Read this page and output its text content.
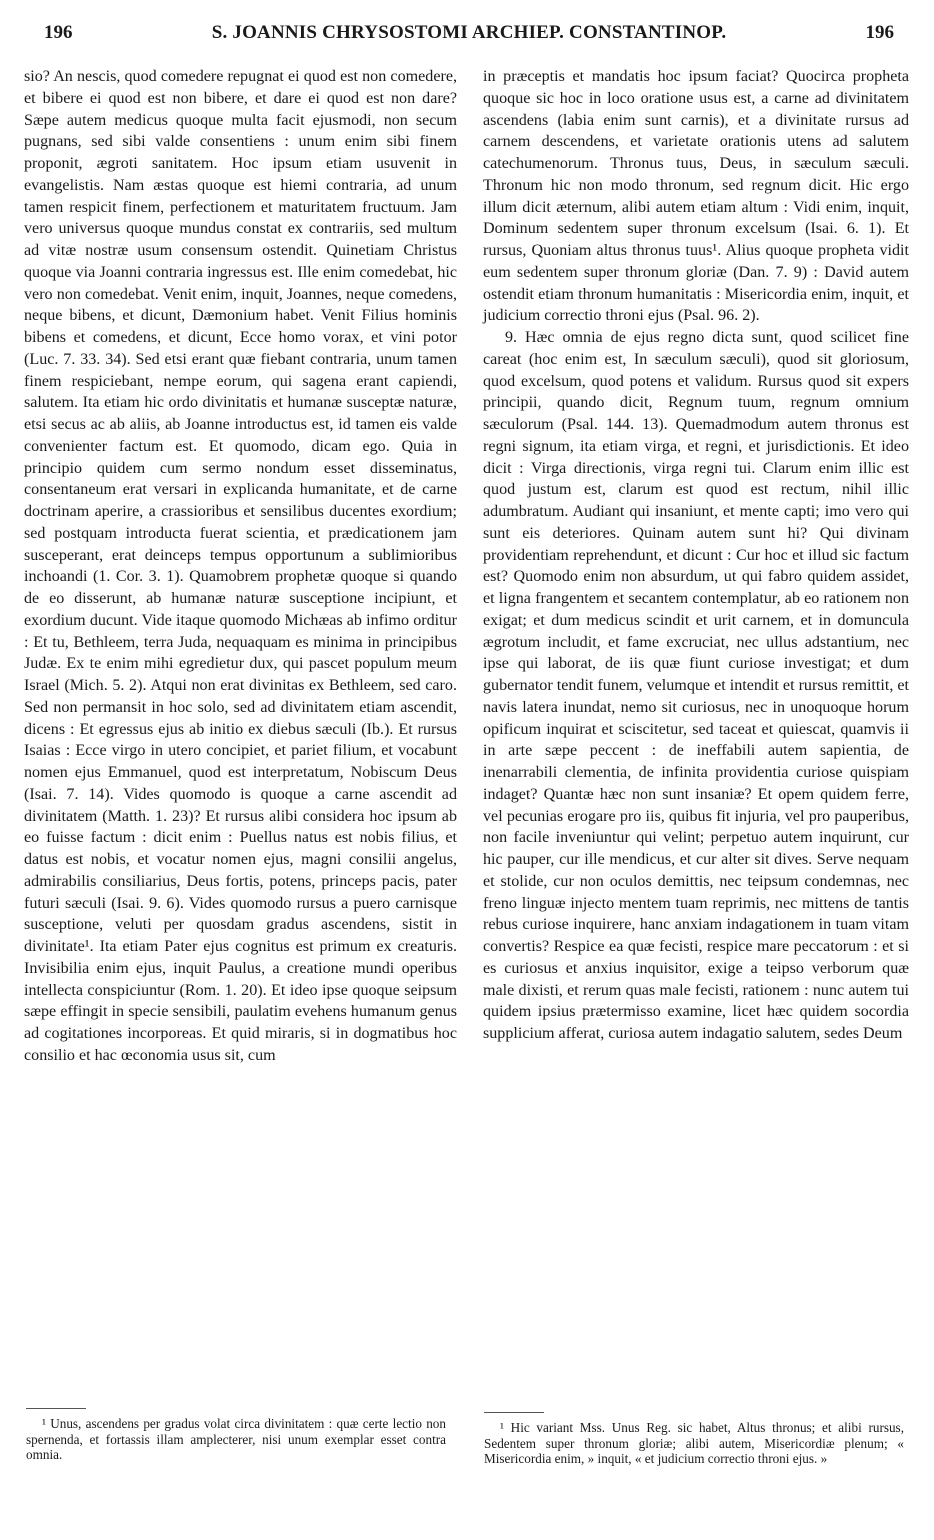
196	S. JOANNIS CHRYSOSTOMI ARCHIEP. CONSTANTINOP.	196

sio? An nescis, quod comedere repugnat ei quod est non comedere, et bibere ei quod est non bibere, et dare ei quod est non dare? Sæpe autem medicus quoque multa facit ejusmodi, non secum pugnans, sed sibi valde consentiens : unum enim sibi finem proponit, ægroti sanitatem. Hoc ipsum etiam usuvenit in evangelistis. Nam æstas quoque est hiemi contraria, ad unum tamen respicit finem, perfectionem et maturitatem fructuum. Jam vero universus quoque mundus constat ex contrariis, sed multum ad vitæ nostræ usum consensum ostendit. Quinetiam Christus quoque via Joanni contraria ingressus est. Ille enim comedebat, hic vero non comedebat. Venit enim, inquit, Joannes, neque comedens, neque bibens, et dicunt, Dæmonium habet. Venit Filius hominis bibens et comedens, et dicunt, Ecce homo vorax, et vini potor (Luc. 7. 33. 34). Sed etsi erant quæ fiebant contraria, unum tamen finem respiciebant, nempe eorum, qui sagena erant capiendi, salutem. Ita etiam hic ordo divinitatis et humanæ susceptæ naturæ, etsi secus ac ab aliis, ab Joanne introductus est, id tamen eis valde convenienter factum est. Et quomodo, dicam ego. Quia in principio quidem cum sermo nondum esset disseminatus, consentaneum erat versari in explicanda humanitate, et de carne doctrinam aperire, a crassioribus et sensilibus ducentes exordium; sed postquam introducta fuerat scientia, et prædicationem jam susceperant, erat deinceps tempus opportunum a sublimioribus inchoandi (1. Cor. 3. 1). Quamobrem prophetæ quoque si quando de eo disserunt, ab humanæ naturæ susceptione incipiunt, et exordium ducunt. Vide itaque quomodo Michæas ab infimo orditur : Et tu, Bethleem, terra Juda, nequaquam es minima in principibus Judæ. Ex te enim mihi egredietur dux, qui pascet populum meum Israel (Mich. 5. 2). Atqui non erat divinitas ex Bethleem, sed caro. Sed non permansit in hoc solo, sed ad divinitatem etiam ascendit, dicens : Et egressus ejus ab initio ex diebus sæculi (Ib.). Et rursus Isaias : Ecce virgo in utero concipiet, et pariet filium, et vocabunt nomen ejus Emmanuel, quod est interpretatum, Nobiscum Deus (Isai. 7. 14). Vides quomodo is quoque a carne ascendit ad divinitatem (Matth. 1. 23)? Et rursus alibi considera hoc ipsum ab eo fuisse factum : dicit enim : Puellus natus est nobis filius, et datus est nobis, et vocatur nomen ejus, magni consilii angelus, admirabilis consiliarius, Deus fortis, potens, princeps pacis, pater futuri sæculi (Isai. 9. 6). Vides quomodo rursus a puero carnisque susceptione, veluti per quosdam gradus ascendens, sistit in divinitate¹. Ita etiam Pater ejus cognitus est primum ex creaturis. Invisibilia enim ejus, inquit Paulus, a creatione mundi operibus intellecta conspiciuntur (Rom. 1. 20). Et ideo ipse quoque seipsum sæpe effingit in specie sensibili, paulatim evehens humanum genus ad cogitationes incorporeas. Et quid miraris, si in dogmatibus hoc consilio et hac œconomia usus sit, cum

in præceptis et mandatis hoc ipsum faciat? Quocirca propheta quoque sic hoc in loco oratione usus est, a carne ad divinitatem ascendens (labia enim sunt carnis), et a divinitate rursus ad carnem descendens, et varietate orationis utens ad salutem catechumenorum. Thronus tuus, Deus, in sæculum sæculi. Thronum hic non modo thronum, sed regnum dicit. Hic ergo illum dicit æternum, alibi autem etiam altum : Vidi enim, inquit, Dominum sedentem super thronum excelsum (Isai. 6. 1). Et rursus, Quoniam altus thronus tuus¹. Alius quoque propheta vidit eum sedentem super thronum gloriæ (Dan. 7. 9) : David autem ostendit etiam thronum humanitatis : Misericordia enim, inquit, et judicium correctio throni ejus (Psal. 96. 2).

9. Hæc omnia de ejus regno dicta sunt, quod scilicet fine careat (hoc enim est, In sæculum sæculi), quod sit gloriosum, quod excelsum, quod potens et validum. Rursus quod sit expers principii, quando dicit, Regnum tuum, regnum omnium sæculorum (Psal. 144. 13). Quemadmodum autem thronus est regni signum, ita etiam virga, et regni, et jurisdictionis. Et ideo dicit : Virga directionis, virga regni tui. Clarum enim illic est quod justum est, clarum est quod est rectum, nihil illic adumbratum. Audiant qui insaniunt, et mente capti; imo vero qui sunt eis deteriores. Quinam autem sunt hi? Qui divinam providentiam reprehendunt, et dicunt : Cur hoc et illud sic factum est? Quomodo enim non absurdum, ut qui fabro quidem assidet, et ligna frangentem et secantem contemplatur, ab eo rationem non exigat; et dum medicus scindit et urit carnem, et in domuncula ægrotum includit, et fame excruciat, nec ullus adstantium, nec ipse qui laborat, de iis quæ fiunt curiose investigat; et dum gubernator tendit funem, velumque et intendit et rursus remittit, et navis latera inundat, nemo sit curiosus, nec in unoquoque horum opificum inquirat et sciscitetur, sed taceat et quiescat, quamvis ii in arte sæpe peccent : de ineffabili autem sapientia, de inenarrabili clementia, de infinita providentia curiose quispiam indaget? Quantæ hæc non sunt insaniæ? Et opem quidem ferre, vel pecunias erogare pro iis, quibus fit injuria, vel pro pauperibus, non facile inveniuntur qui velint; perpetuo autem inquirunt, cur hic pauper, cur ille mendicus, et cur alter sit dives. Serve nequam et stolide, cur non oculos demittis, nec teipsum condemnas, nec freno linguæ injecto mentem tuam reprimis, nec mittens de tantis rebus curiose inquirere, hanc anxiam indagationem in tuam vitam convertis? Respice ea quæ fecisti, respice mare peccatorum : et si es curiosus et anxius inquisitor, exige a teipso verborum quæ male dixisti, et rerum quas male fecisti, rationem : nunc autem tui quidem ipsius prætermisso examine, licet hæc quidem socordia supplicium afferat, curiosa autem indagatio salutem, sedes Deum

¹ Unus, ascendens per gradus volat circa divinitatem : quæ certe lectio non spernenda, et fortassis illam amplecterer, nisi unum exemplar esset contra omnia.
¹ Hic variant Mss. Unus Reg. sic habet, Altus thronus; et alibi rursus, Sedentem super thronum gloriæ; alibi autem, Misericordiæ plenum; « Misericordia enim, » inquit, « et judicium correctio throni ejus. »
